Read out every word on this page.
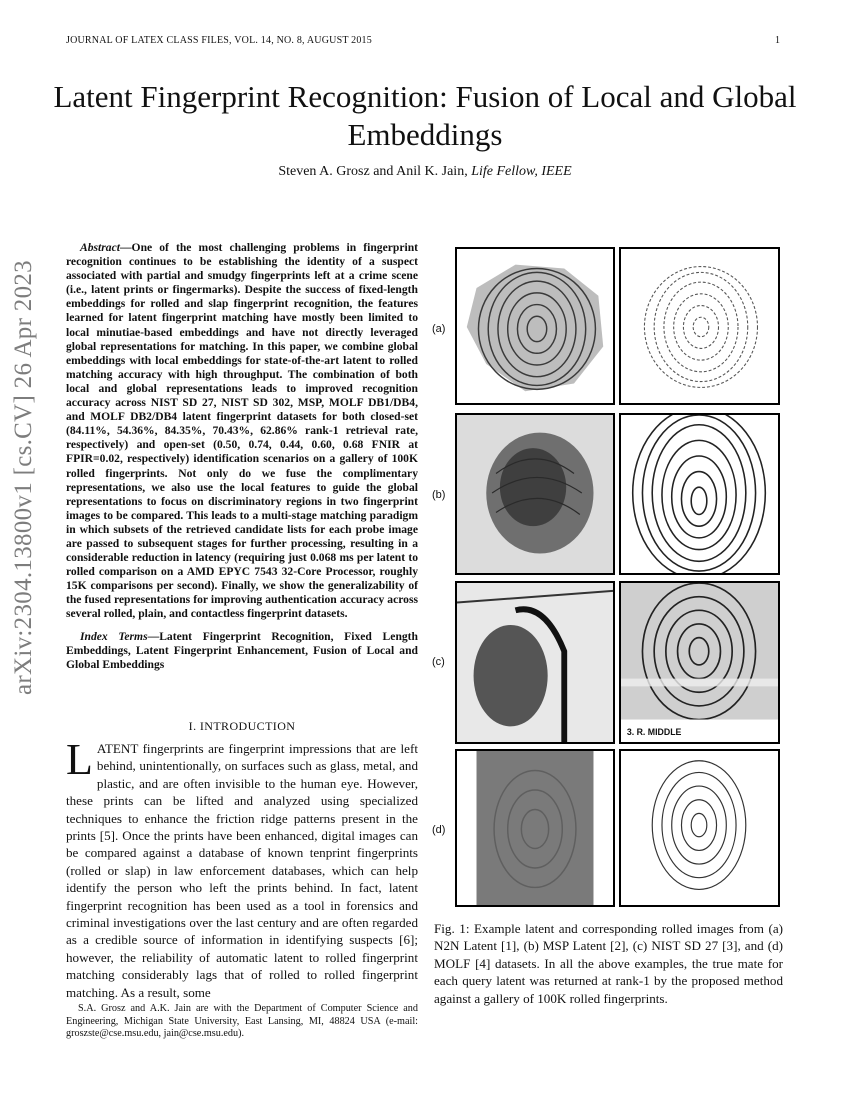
JOURNAL OF LATEX CLASS FILES, VOL. 14, NO. 8, AUGUST 2015	1
arXiv:2304.13800v1 [cs.CV] 26 Apr 2023
Latent Fingerprint Recognition: Fusion of Local and Global Embeddings
Steven A. Grosz and Anil K. Jain, Life Fellow, IEEE

Abstract—One of the most challenging problems in fingerprint recognition continues to be establishing the identity of a suspect associated with partial and smudgy fingerprints left at a crime scene (i.e., latent prints or fingermarks). Despite the success of fixed-length embeddings for rolled and slap fingerprint recognition, the features learned for latent fingerprint matching have mostly been limited to local minutiae-based embeddings and have not directly leveraged global representations for matching. In this paper, we combine global embeddings with local embeddings for state-of-the-art latent to rolled matching accuracy with high throughput. The combination of both local and global representations leads to improved recognition accuracy across NIST SD 27, NIST SD 302, MSP, MOLF DB1/DB4, and MOLF DB2/DB4 latent fingerprint datasets for both closed-set (84.11%, 54.36%, 84.35%, 70.43%, 62.86% rank-1 retrieval rate, respectively) and open-set (0.50, 0.74, 0.44, 0.60, 0.68 FNIR at FPIR=0.02, respectively) identification scenarios on a gallery of 100K rolled fingerprints. Not only do we fuse the complimentary representations, we also use the local features to guide the global representations to focus on discriminatory regions in two fingerprint images to be compared. This leads to a multi-stage matching paradigm in which subsets of the retrieved candidate lists for each probe image are passed to subsequent stages for further processing, resulting in a considerable reduction in latency (requiring just 0.068 ms per latent to rolled comparison on a AMD EPYC 7543 32-Core Processor, roughly 15K comparisons per second). Finally, we show the generalizability of the fused representations for improving authentication accuracy across several rolled, plain, and contactless fingerprint datasets.

Index Terms—Latent Fingerprint Recognition, Fixed Length Embeddings, Latent Fingerprint Enhancement, Fusion of Local and Global Embeddings

I. INTRODUCTION
LATENT fingerprints are fingerprint impressions that are left behind, unintentionally, on surfaces such as glass, metal, and plastic, and are often invisible to the human eye. However, these prints can be lifted and analyzed using specialized techniques to enhance the friction ridge patterns present in the prints [5]. Once the prints have been enhanced, digital images can be compared against a database of known tenprint fingerprints (rolled or slap) in law enforcement databases, which can help identify the person who left the prints behind. In fact, latent fingerprint recognition has been used as a tool in forensics and criminal investigations over the last century and are often regarded as a credible source of information in identifying suspects [6]; however, the reliability of automatic latent to rolled fingerprint matching considerably lags that of rolled to rolled fingerprint matching. As a result, some

S.A. Grosz and A.K. Jain are with the Department of Computer Science and Engineering, Michigan State University, East Lansing, MI, 48824 USA (e-mail: groszste@cse.msu.edu, jain@cse.msu.edu).

(a)
(b)
(c)
(d)
3. R. MIDDLE
Fig. 1: Example latent and corresponding rolled images from (a) N2N Latent [1], (b) MSP Latent [2], (c) NIST SD 27 [3], and (d) MOLF [4] datasets. In all the above examples, the true mate for each query latent was returned at rank-1 by the proposed method against a gallery of 100K rolled fingerprints.
